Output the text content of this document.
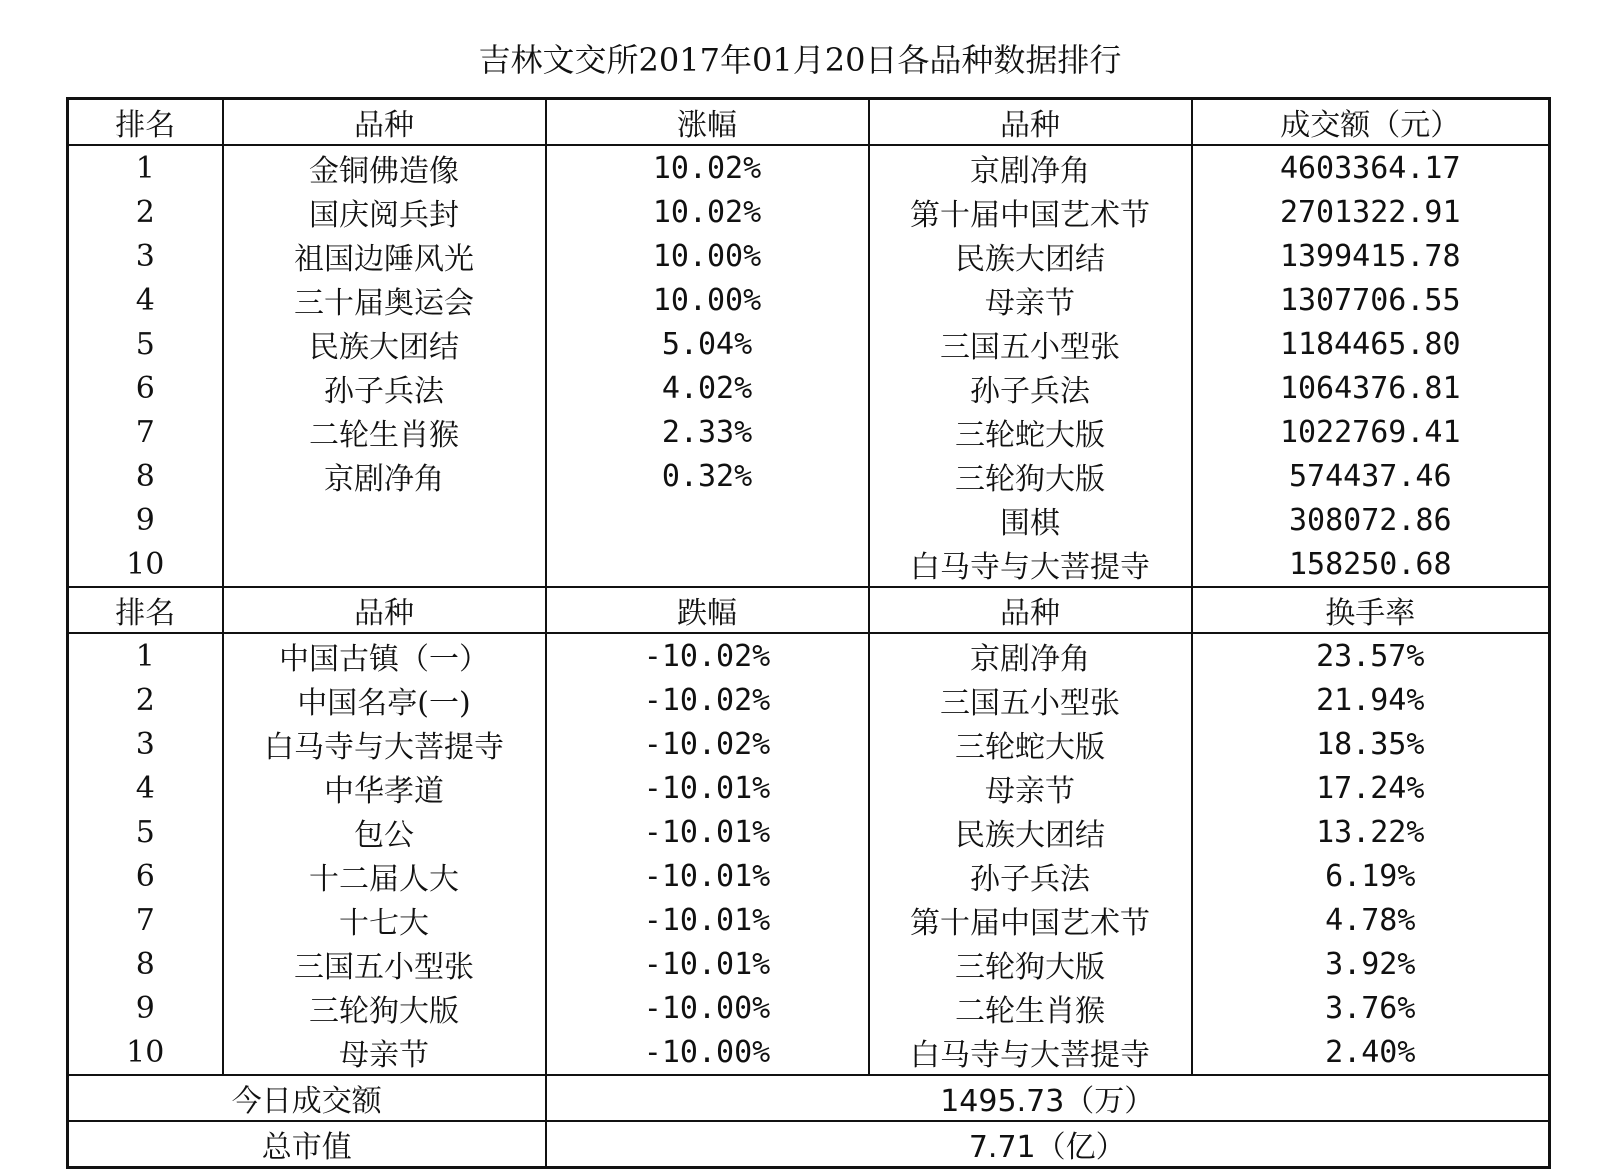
吉林文交所2017年01月20日各品种数据排行
排名	品种	涨幅	品种	成交额（元）
1	金铜佛造像	10.02%	京剧净角	4603364.17
2	国庆阅兵封	10.02%	第十届中国艺术节	2701322.91
3	祖国边陲风光	10.00%	民族大团结	1399415.78
4	三十届奥运会	10.00%	母亲节	1307706.55
5	民族大团结	5.04%	三国五小型张	1184465.80
6	孙子兵法	4.02%	孙子兵法	1064376.81
7	二轮生肖猴	2.33%	三轮蛇大版	1022769.41
8	京剧净角	0.32%	三轮狗大版	574437.46
9			围棋	308072.86
10			白马寺与大菩提寺	158250.68
排名	品种	跌幅	品种	换手率
1	中国古镇（一）	-10.02%	京剧净角	23.57%
2	中国名亭(一)	-10.02%	三国五小型张	21.94%
3	白马寺与大菩提寺	-10.02%	三轮蛇大版	18.35%
4	中华孝道	-10.01%	母亲节	17.24%
5	包公	-10.01%	民族大团结	13.22%
6	十二届人大	-10.01%	孙子兵法	6.19%
7	十七大	-10.01%	第十届中国艺术节	4.78%
8	三国五小型张	-10.01%	三轮狗大版	3.92%
9	三轮狗大版	-10.00%	二轮生肖猴	3.76%
10	母亲节	-10.00%	白马寺与大菩提寺	2.40%
今日成交额		1495.73（万）		
总市值		7.71（亿）		
